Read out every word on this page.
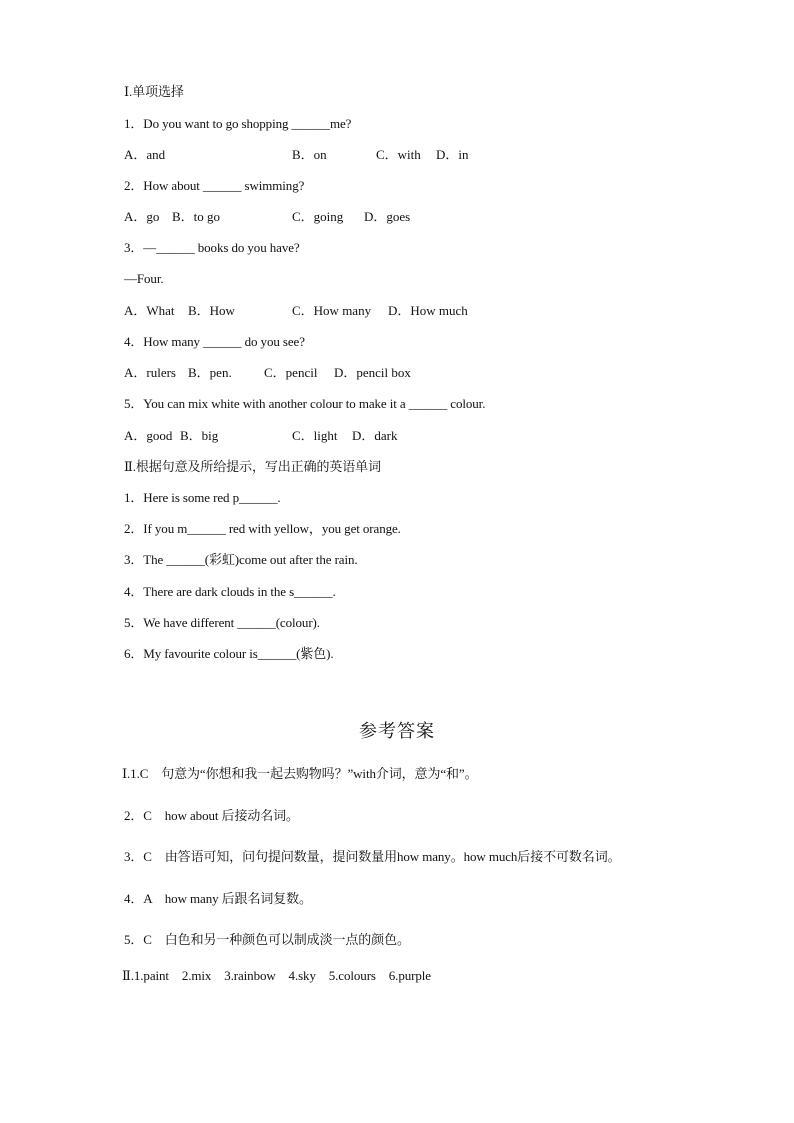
Ⅰ.单项选择
1．Do you want to go shopping ______me?

A．and

	B．on

	C．with

D．in

2．How about ______ swimming?

A．go

B．to go

	C．going

D．goes

3．—______ books do you have?
—Four.

A．What

B．How

	C．How many

D．How much

4．How many ______ do you see?

A．rulers

B．pen.

C．pencil

D．pencil box

5．You can mix white with another colour to make it a ______ colour.

A．good

B．big

	C．light

D．dark

Ⅱ.根据句意及所给提示，写出正确的英语单词
1．Here is some red p______.
2．If you m______ red with yellow，you get orange.
3．The ______(彩虹)come out after the rain.
4．There are dark clouds in the s______.
5．We have different ______(colour).
6．My favourite colour is______(紫色).
参考答案
Ⅰ.1.C　句意为“你想和我一起去购物吗？”with介词，意为“和”。
2．C　how about 后接动名词。
3．C　由答语可知，问句提问数量，提问数量用how many。how much后接不可数名词。
4．A　how many 后跟名词复数。
5．C　白色和另一种颜色可以制成淡一点的颜色。
Ⅱ.1.paint　2.mix　3.rainbow　4.sky　5.colours　6.purple
